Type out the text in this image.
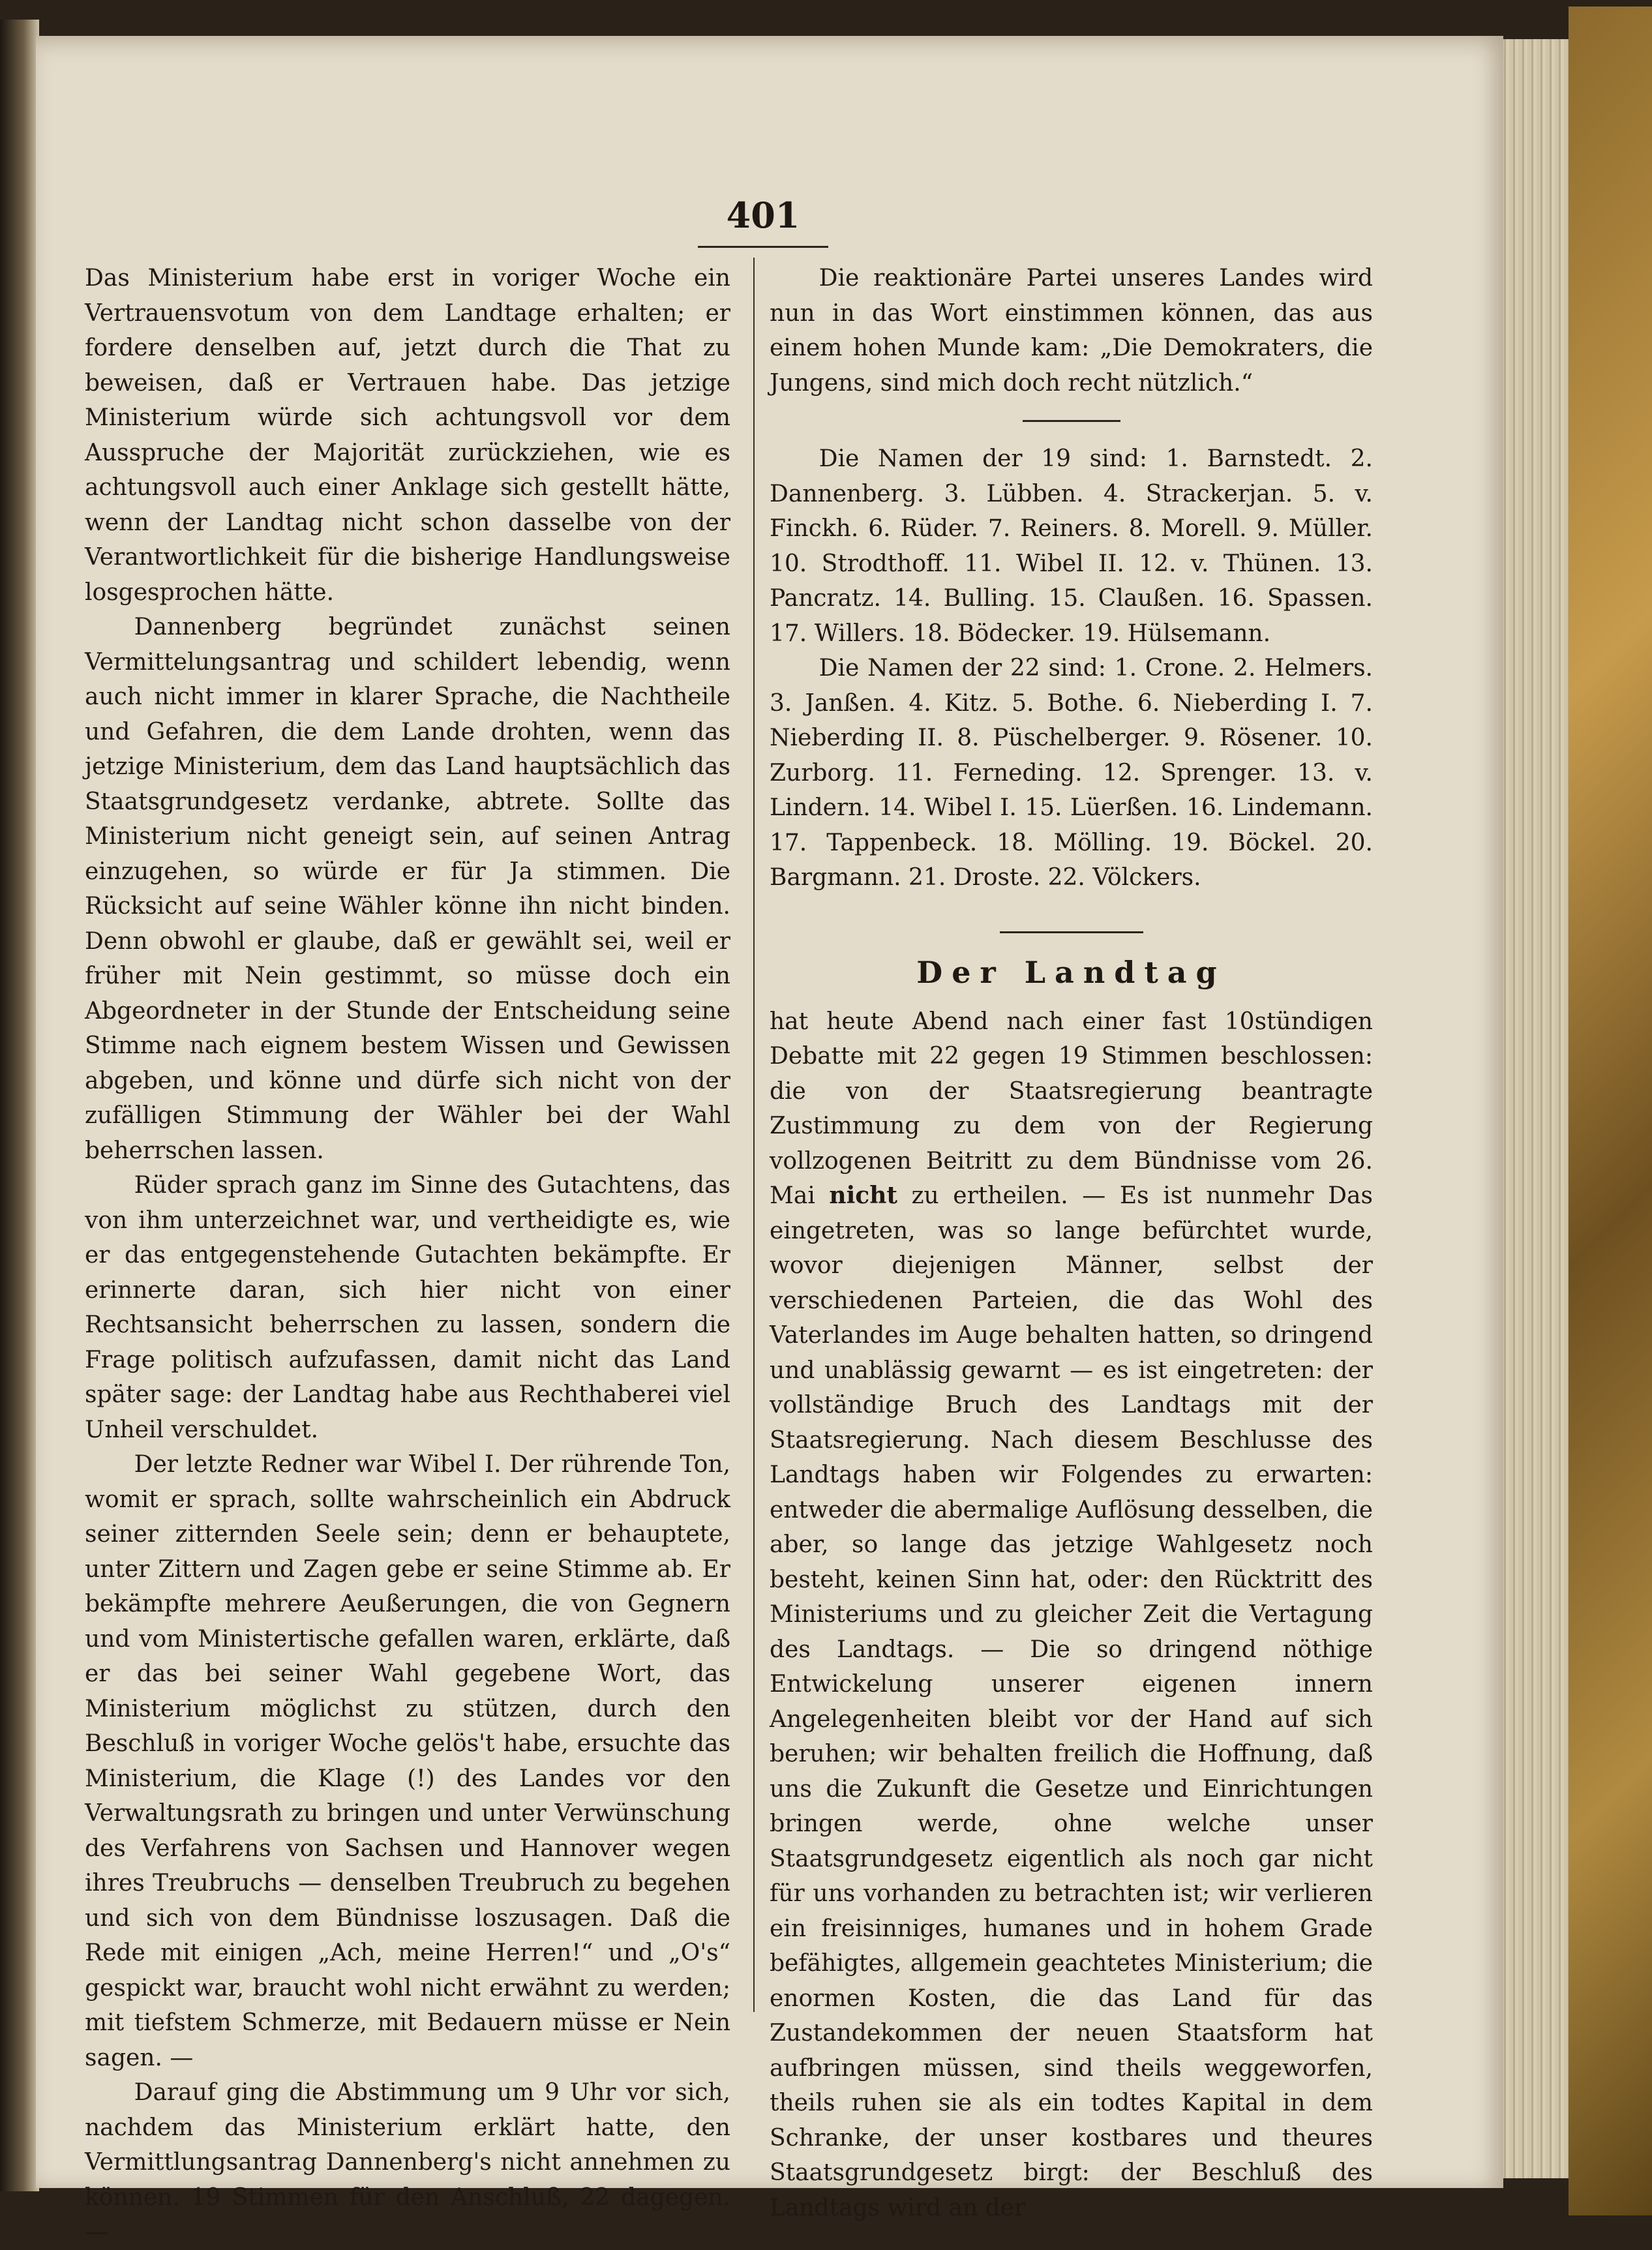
401

Das Ministerium habe erst in voriger Woche ein Vertrauensvotum von dem Landtage erhalten; er fordere denselben auf, jetzt durch die That zu beweisen, daß er Vertrauen habe. Das jetzige Ministerium würde sich achtungsvoll vor dem Ausspruche der Majorität zurückziehen, wie es achtungsvoll auch einer Anklage sich gestellt hätte, wenn der Landtag nicht schon dasselbe von der Verantwortlichkeit für die bisherige Handlungsweise losgesprochen hätte.

Dannenberg begründet zunächst seinen Vermittelungsantrag und schildert lebendig, wenn auch nicht immer in klarer Sprache, die Nachtheile und Gefahren, die dem Lande drohten, wenn das jetzige Ministerium, dem das Land hauptsächlich das Staatsgrundgesetz verdanke, abtrete. Sollte das Ministerium nicht geneigt sein, auf seinen Antrag einzugehen, so würde er für Ja stimmen. Die Rücksicht auf seine Wähler könne ihn nicht binden. Denn obwohl er glaube, daß er gewählt sei, weil er früher mit Nein gestimmt, so müsse doch ein Abgeordneter in der Stunde der Entscheidung seine Stimme nach eignem bestem Wissen und Gewissen abgeben, und könne und dürfe sich nicht von der zufälligen Stimmung der Wähler bei der Wahl beherrschen lassen.

Rüder sprach ganz im Sinne des Gutachtens, das von ihm unterzeichnet war, und vertheidigte es, wie er das entgegenstehende Gutachten bekämpfte. Er erinnerte daran, sich hier nicht von einer Rechtsansicht beherrschen zu lassen, sondern die Frage politisch aufzufassen, damit nicht das Land später sage: der Landtag habe aus Rechthaberei viel Unheil verschuldet.

Der letzte Redner war Wibel I. Der rührende Ton, womit er sprach, sollte wahrscheinlich ein Abdruck seiner zitternden Seele sein; denn er behauptete, unter Zittern und Zagen gebe er seine Stimme ab. Er bekämpfte mehrere Aeußerungen, die von Gegnern und vom Ministertische gefallen waren, erklärte, daß er das bei seiner Wahl gegebene Wort, das Ministerium möglichst zu stützen, durch den Beschluß in voriger Woche gelös't habe, ersuchte das Ministerium, die Klage (!) des Landes vor den Verwaltungsrath zu bringen und unter Verwünschung des Verfahrens von Sachsen und Hannover wegen ihres Treubruchs — denselben Treubruch zu begehen und sich von dem Bündnisse loszusagen. Daß die Rede mit einigen „Ach, meine Herren!“ und „O's“ gespickt war, braucht wohl nicht erwähnt zu werden; mit tiefstem Schmerze, mit Bedauern müsse er Nein sagen. —

Darauf ging die Abstimmung um 9 Uhr vor sich, nachdem das Ministerium erklärt hatte, den Vermittlungsantrag Dannenberg's nicht annehmen zu können. 19 Stimmen für den Anschluß, 22 dagegen. —

Die reaktionäre Partei unseres Landes wird nun in das Wort einstimmen können, das aus einem hohen Munde kam: „Die Demokraters, die Jungens, sind mich doch recht nützlich.“

Die Namen der 19 sind: 1. Barnstedt. 2. Dannenberg. 3. Lübben. 4. Strackerjan. 5. v. Finckh. 6. Rüder. 7. Reiners. 8. Morell. 9. Müller. 10. Strodthoff. 11. Wibel II. 12. v. Thünen. 13. Pancratz. 14. Bulling. 15. Claußen. 16. Spassen. 17. Willers. 18. Bödecker. 19. Hülsemann.

Die Namen der 22 sind: 1. Crone. 2. Helmers. 3. Janßen. 4. Kitz. 5. Bothe. 6. Nieberding I. 7. Nieberding II. 8. Püschelberger. 9. Rösener. 10. Zurborg. 11. Ferneding. 12. Sprenger. 13. v. Lindern. 14. Wibel I. 15. Lüerßen. 16. Lindemann. 17. Tappenbeck. 18. Mölling. 19. Böckel. 20. Bargmann. 21. Droste. 22. Völckers.

Der Landtag

hat heute Abend nach einer fast 10stündigen Debatte mit 22 gegen 19 Stimmen beschlossen: die von der Staatsregierung beantragte Zustimmung zu dem von der Regierung vollzogenen Beitritt zu dem Bündnisse vom 26. Mai nicht zu ertheilen. — Es ist nunmehr Das eingetreten, was so lange befürchtet wurde, wovor diejenigen Männer, selbst der verschiedenen Parteien, die das Wohl des Vaterlandes im Auge behalten hatten, so dringend und unablässig gewarnt — es ist eingetreten: der vollständige Bruch des Landtags mit der Staatsregierung. Nach diesem Beschlusse des Landtags haben wir Folgendes zu erwarten: entweder die abermalige Auflösung desselben, die aber, so lange das jetzige Wahlgesetz noch besteht, keinen Sinn hat, oder: den Rücktritt des Ministeriums und zu gleicher Zeit die Vertagung des Landtags. — Die so dringend nöthige Entwickelung unserer eigenen innern Angelegenheiten bleibt vor der Hand auf sich beruhen; wir behalten freilich die Hoffnung, daß uns die Zukunft die Gesetze und Einrichtungen bringen werde, ohne welche unser Staatsgrundgesetz eigentlich als noch gar nicht für uns vorhanden zu betrachten ist; wir verlieren ein freisinniges, humanes und in hohem Grade befähigtes, allgemein geachtetes Ministerium; die enormen Kosten, die das Land für das Zustandekommen der neuen Staatsform hat aufbringen müssen, sind theils weggeworfen, theils ruhen sie als ein todtes Kapital in dem Schranke, der unser kostbares und theures Staatsgrundgesetz birgt: der Beschluß des Landtags wird an der
